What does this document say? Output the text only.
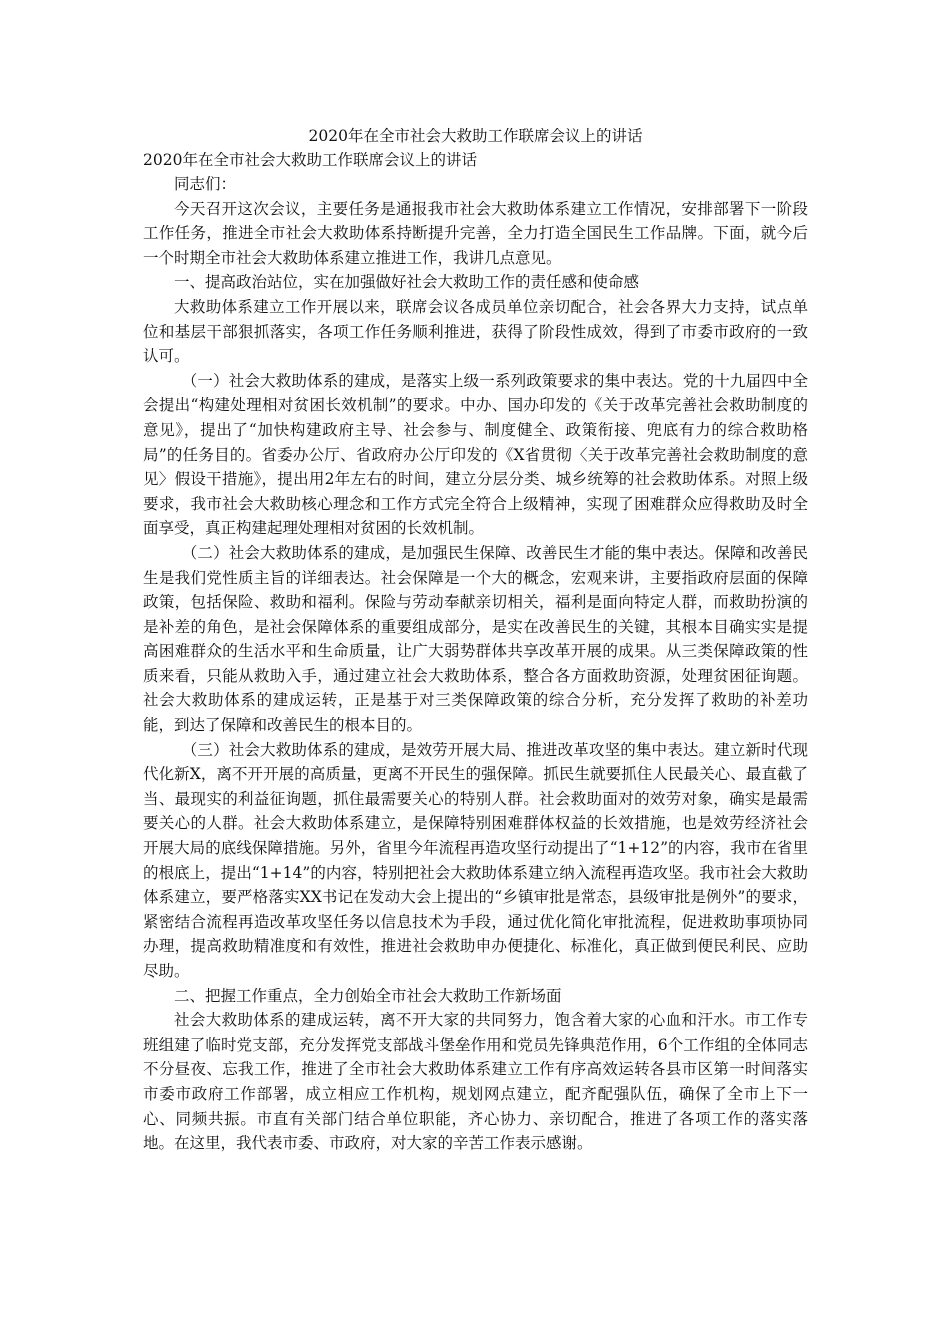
2020年在全市社会大救助工作联席会议上的讲话
2020年在全市社会大救助工作联席会议上的讲话

同志们：

今天召开这次会议，主要任务是通报我市社会大救助体系建立工作情况，安排部署下一阶段工作任务，推进全市社会大救助体系持断提升完善，全力打造全国民生工作品牌。下面，就今后一个时期全市社会大救助体系建立推进工作，我讲几点意见。

一、提高政治站位，实在加强做好社会大救助工作的责任感和使命感

大救助体系建立工作开展以来，联席会议各成员单位亲切配合，社会各界大力支持，试点单位和基层干部狠抓落实，各项工作任务顺利推进，获得了阶段性成效，得到了市委市政府的一致认可。

（一）社会大救助体系的建成，是落实上级一系列政策要求的集中表达。党的十九届四中全会提出“构建处理相对贫困长效机制”的要求。中办、国办印发的《关于改革完善社会救助制度的意见》，提出了“加快构建政府主导、社会参与、制度健全、政策衔接、兜底有力的综合救助格局”的任务目的。省委办公厅、省政府办公厅印发的《X省贯彻〈关于改革完善社会救助制度的意见〉假设干措施》，提出用2年左右的时间，建立分层分类、城乡统筹的社会救助体系。对照上级要求，我市社会大救助核心理念和工作方式完全符合上级精神，实现了困难群众应得救助及时全面享受，真正构建起理处理相对贫困的长效机制。

（二）社会大救助体系的建成，是加强民生保障、改善民生才能的集中表达。保障和改善民生是我们党性质主旨的详细表达。社会保障是一个大的概念，宏观来讲，主要指政府层面的保障政策，包括保险、救助和福利。保险与劳动奉献亲切相关，福利是面向特定人群，而救助扮演的是补差的角色，是社会保障体系的重要组成部分，是实在改善民生的关键，其根本目确实实是提高困难群众的生活水平和生命质量，让广大弱势群体共享改革开展的成果。从三类保障政策的性质来看，只能从救助入手，通过建立社会大救助体系，整合各方面救助资源，处理贫困征询题。社会大救助体系的建成运转，正是基于对三类保障政策的综合分析，充分发挥了救助的补差功能，到达了保障和改善民生的根本目的。

（三）社会大救助体系的建成，是效劳开展大局、推进改革攻坚的集中表达。建立新时代现代化新X，离不开开展的高质量，更离不开民生的强保障。抓民生就要抓住人民最关心、最直截了当、最现实的利益征询题，抓住最需要关心的特别人群。社会救助面对的效劳对象，确实是最需要关心的人群。社会大救助体系建立，是保障特别困难群体权益的长效措施，也是效劳经济社会开展大局的底线保障措施。另外，省里今年流程再造攻坚行动提出了“1+12”的内容，我市在省里的根底上，提出“1+14”的内容，特别把社会大救助体系建立纳入流程再造攻坚。我市社会大救助体系建立，要严格落实XX书记在发动大会上提出的“乡镇审批是常态，县级审批是例外”的要求，紧密结合流程再造改革攻坚任务以信息技术为手段，通过优化简化审批流程，促进救助事项协同办理，提高救助精准度和有效性，推进社会救助申办便捷化、标准化，真正做到便民利民、应助尽助。

二、把握工作重点，全力创始全市社会大救助工作新场面

社会大救助体系的建成运转，离不开大家的共同努力，饱含着大家的心血和汗水。市工作专班组建了临时党支部，充分发挥党支部战斗堡垒作用和党员先锋典范作用，6个工作组的全体同志不分昼夜、忘我工作，推进了全市社会大救助体系建立工作有序高效运转各县市区第一时间落实市委市政府工作部署，成立相应工作机构，规划网点建立，配齐配强队伍，确保了全市上下一心、同频共振。市直有关部门结合单位职能，齐心协力、亲切配合，推进了各项工作的落实落地。在这里，我代表市委、市政府，对大家的辛苦工作表示感谢。
